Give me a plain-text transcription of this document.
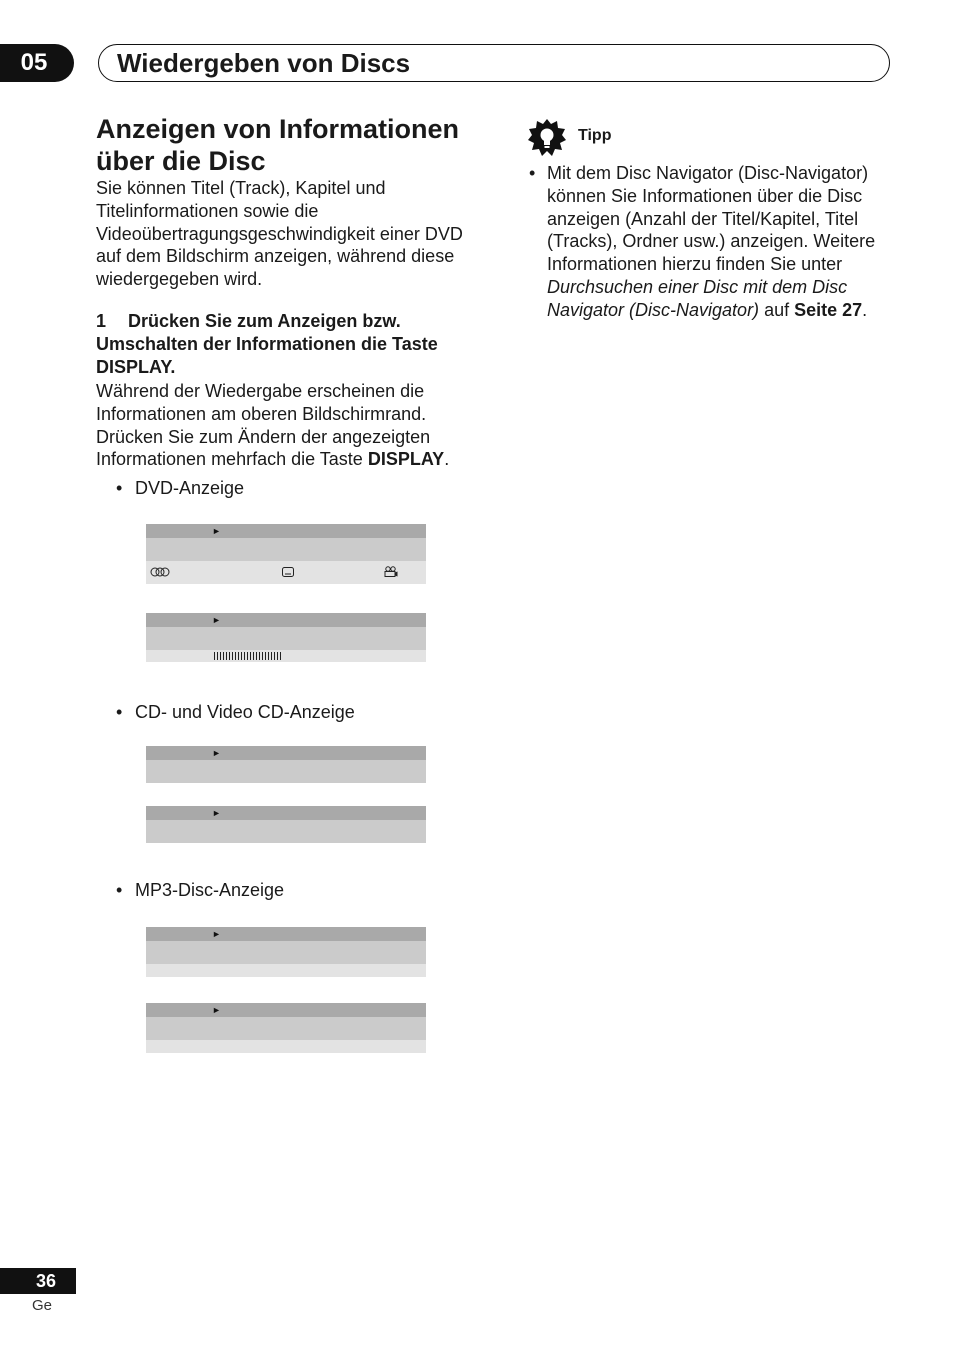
05	Wiedergeben von Discs
Anzeigen von Informationen
über die Disc

Sie können Titel (Track), Kapitel und Titelinformationen sowie die Videoübertragungsgeschwindigkeit einer DVD auf dem Bildschirm anzeigen, während diese wiedergegeben wird.

1 Drücken Sie zum Anzeigen bzw. Umschalten der Informationen die Taste DISPLAY.

Während der Wiedergabe erscheinen die Informationen am oberen Bildschirmrand. Drücken Sie zum Ändern der angezeigten Informationen mehrfach die Taste DISPLAY.

• DVD-Anzeige
►
►
• CD- und Video CD-Anzeige
►
►
• MP3-Disc-Anzeige
►
►
Tipp
• Mit dem Disc Navigator (Disc-Navigator) können Sie Informationen über die Disc anzeigen (Anzahl der Titel/Kapitel, Titel (Tracks), Ordner usw.) anzeigen. Weitere Informationen hierzu finden Sie unter Durchsuchen einer Disc mit dem Disc Navigator (Disc-Navigator) auf Seite 27.
36
Ge
